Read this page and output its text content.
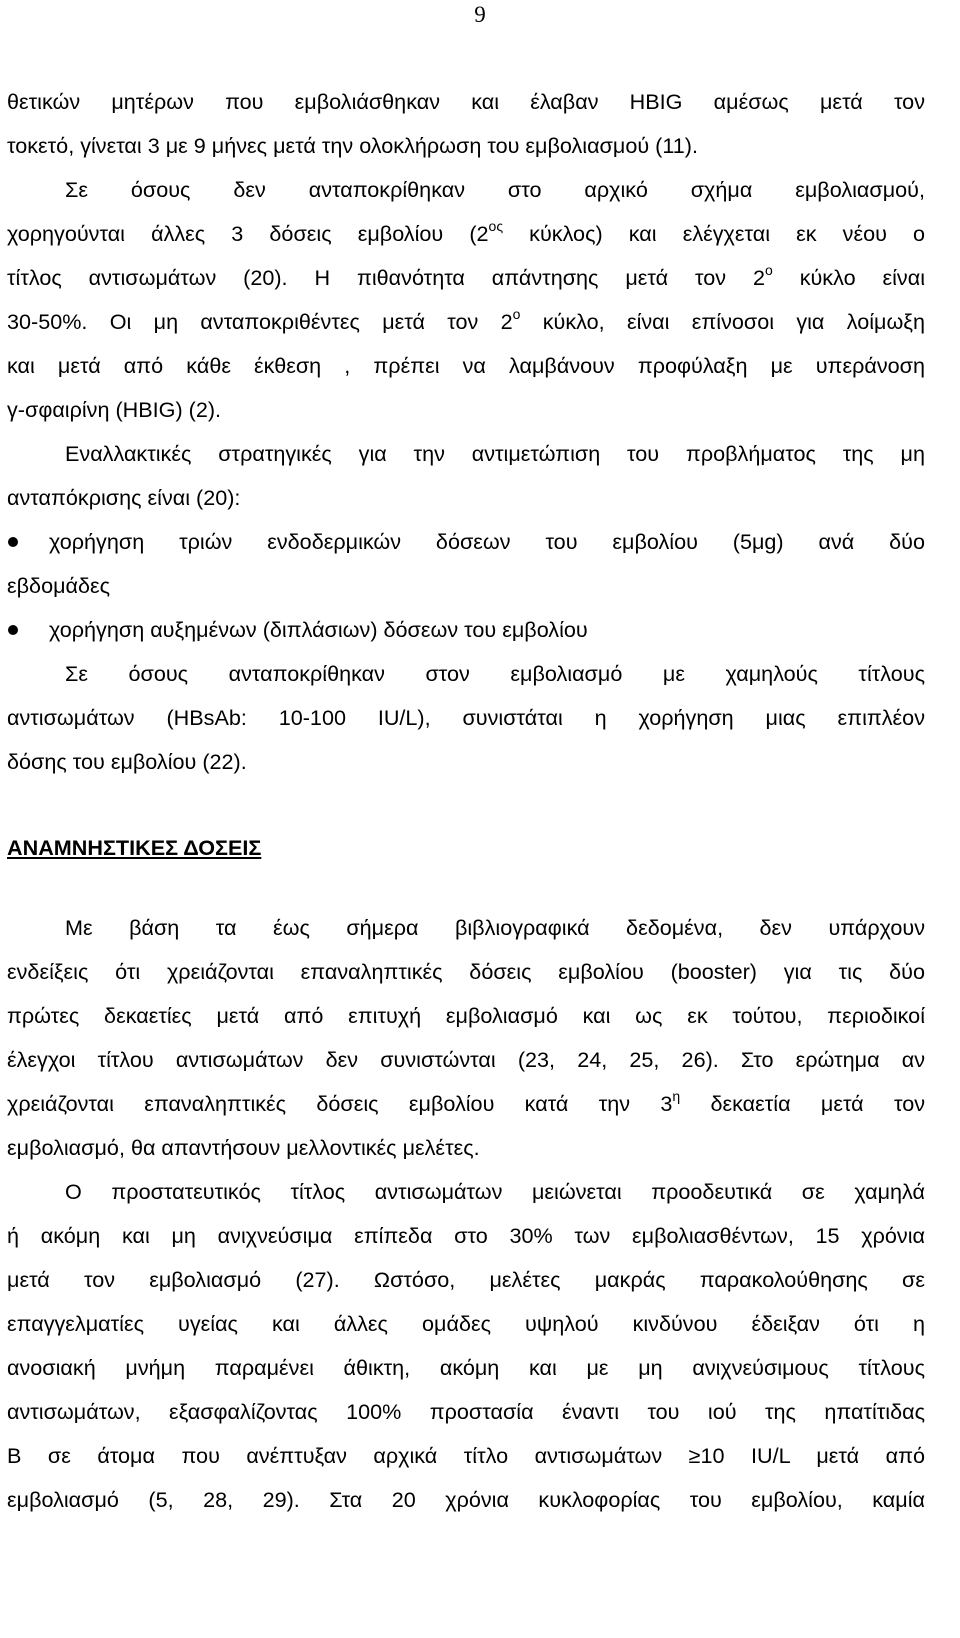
9
θετικών μητέρων που εμβολιάσθηκαν και έλαβαν HBIG αμέσως μετά τον
τοκετό, γίνεται 3 με 9 μήνες μετά την ολοκλήρωση του εμβολιασμού (11).
Σε όσους δεν ανταποκρίθηκαν στο αρχικό σχήμα εμβολιασμού,
χορηγούνται άλλες 3 δόσεις εμβολίου ($2^{o\varsigma}$ κύκλος) και ελέγχεται εκ νέου ο
τίτλος αντισωμάτων (20). Η πιθανότητα απάντησης μετά τον $2^o$ κύκλο είναι
30-50%. Οι μη ανταποκριθέντες μετά τον $2^o$ κύκλο, είναι επίνοσοι για λοίμωξη
και μετά από κάθε έκθεση , πρέπει να λαμβάνουν προφύλαξη με υπεράνοση
γ-σφαιρίνη (HBIG) (2).
Εναλλακτικές στρατηγικές για την αντιμετώπιση του προβλήματος της μη
ανταπόκρισης είναι (20):
χορήγηση τριών ενδοδερμικών δόσεων του εμβολίου (5μg) ανά δύο
εβδομάδες
χορήγηση αυξημένων (διπλάσιων) δόσεων του εμβολίου
Σε όσους ανταποκρίθηκαν στον εμβολιασμό με χαμηλούς τίτλους
αντισωμάτων (HBsAb: 10-100 IU/L), συνιστάται η χορήγηση μιας επιπλέον
δόσης του εμβολίου (22).
ΑΝΑΜΝΗΣΤΙΚΕΣ ΔΟΣΕΙΣ
Με βάση τα έως σήμερα βιβλιογραφικά δεδομένα, δεν υπάρχουν
ενδείξεις ότι χρειάζονται επαναληπτικές δόσεις εμβολίου (booster) για τις δύο
πρώτες δεκαετίες μετά από επιτυχή εμβολιασμό και ως εκ τούτου, περιοδικοί
έλεγχοι τίτλου αντισωμάτων δεν συνιστώνται (23, 24, 25, 26). Στο ερώτημα αν
χρειάζονται επαναληπτικές δόσεις εμβολίου κατά την $3^\eta$ δεκαετία μετά τον
εμβολιασμό, θα απαντήσουν μελλοντικές μελέτες.
Ο προστατευτικός τίτλος αντισωμάτων μειώνεται προοδευτικά σε χαμηλά
ή ακόμη και μη ανιχνεύσιμα επίπεδα στο 30% των εμβολιασθέντων, 15 χρόνια
μετά τον εμβολιασμό (27). Ωστόσο, μελέτες μακράς παρακολούθησης σε
επαγγελματίες υγείας και άλλες ομάδες υψηλού κινδύνου έδειξαν ότι η
ανοσιακή μνήμη παραμένει άθικτη, ακόμη και με μη ανιχνεύσιμους τίτλους
αντισωμάτων, εξασφαλίζοντας 100% προστασία έναντι του ιού της ηπατίτιδας
Β σε άτομα που ανέπτυξαν αρχικά τίτλο αντισωμάτων ≥10 IU/L μετά από
εμβολιασμό (5, 28, 29). Στα 20 χρόνια κυκλοφορίας του εμβολίου, καμία
